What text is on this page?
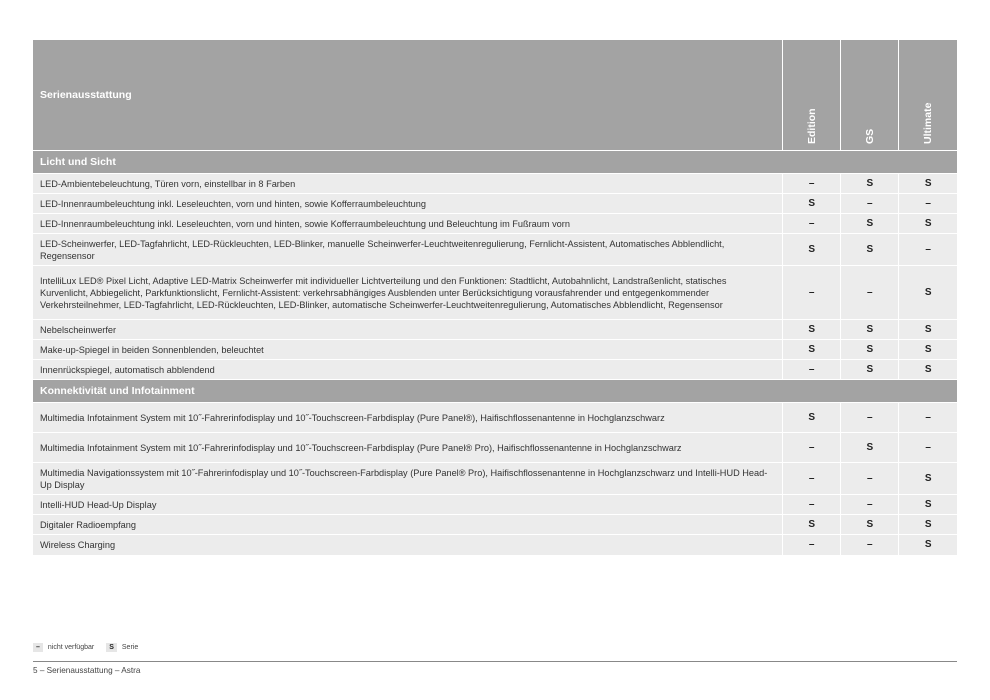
Serienausstattung	Edition	GS	Ultimate

Licht und Sicht			
LED-Ambientebeleuchtung, Türen vorn, einstellbar in 8 Farben	–	S	S
LED-Innenraumbeleuchtung inkl. Leseleuchten, vorn und hinten, sowie Kofferraumbeleuchtung	S	–	–
LED-Innenraumbeleuchtung inkl. Leseleuchten, vorn und hinten, sowie Kofferraumbeleuchtung und Beleuchtung im Fußraum vorn	–	S	S
LED-Scheinwerfer, LED-Tagfahrlicht, LED-Rückleuchten, LED-Blinker, manuelle Scheinwerfer-Leuchtweitenregulierung, Fernlicht-Assistent, Automatisches Abblendlicht, Regensensor	S	S	–
IntelliLux LED® Pixel Licht, Adaptive LED-Matrix Scheinwerfer mit individueller Lichtverteilung und den Funktionen: Stadtlicht, Autobahnlicht, Landstraßenlicht, statisches Kurvenlicht, Abbiegelicht, Parkfunktionslicht, Fernlicht-Assistent: verkehrsabhängiges Ausblenden unter Berücksichtigung vorausfahrender und entgegenkommender Verkehrsteilnehmer, LED-Tagfahrlicht, LED-Rückleuchten, LED-Blinker, automatische Scheinwerfer-Leuchtweitenregulierung, Automatisches Abblendlicht, Regensensor	–	–	S
Nebelscheinwerfer	S	S	S
Make-up-Spiegel in beiden Sonnenblenden, beleuchtet	S	S	S
Innenrückspiegel, automatisch abblendend	–	S	S
Konnektivität und Infotainment			
Multimedia Infotainment System mit 10˝-Fahrerinfodisplay und 10˝-Touchscreen-Farbdisplay (Pure Panel®), Haifischflossenantenne in Hochglanzschwarz	S	–	–
Multimedia Infotainment System mit 10˝-Fahrerinfodisplay und 10˝-Touchscreen-Farbdisplay (Pure Panel® Pro), Haifischflossenantenne in Hochglanzschwarz	–	S	–
Multimedia Navigationssystem mit 10˝-Fahrerinfodisplay und 10˝-Touchscreen-Farbdisplay (Pure Panel® Pro), Haifischflossenantenne in Hochglanzschwarz und Intelli-HUD Head-Up Display	–	–	S
Intelli-HUD Head-Up Display	–	–	S
Digitaler Radioempfang	S	S	S
Wireless Charging	–	–	S
–	nicht verfügbar	S	Serie
5 – Serienausstattung – Astra
